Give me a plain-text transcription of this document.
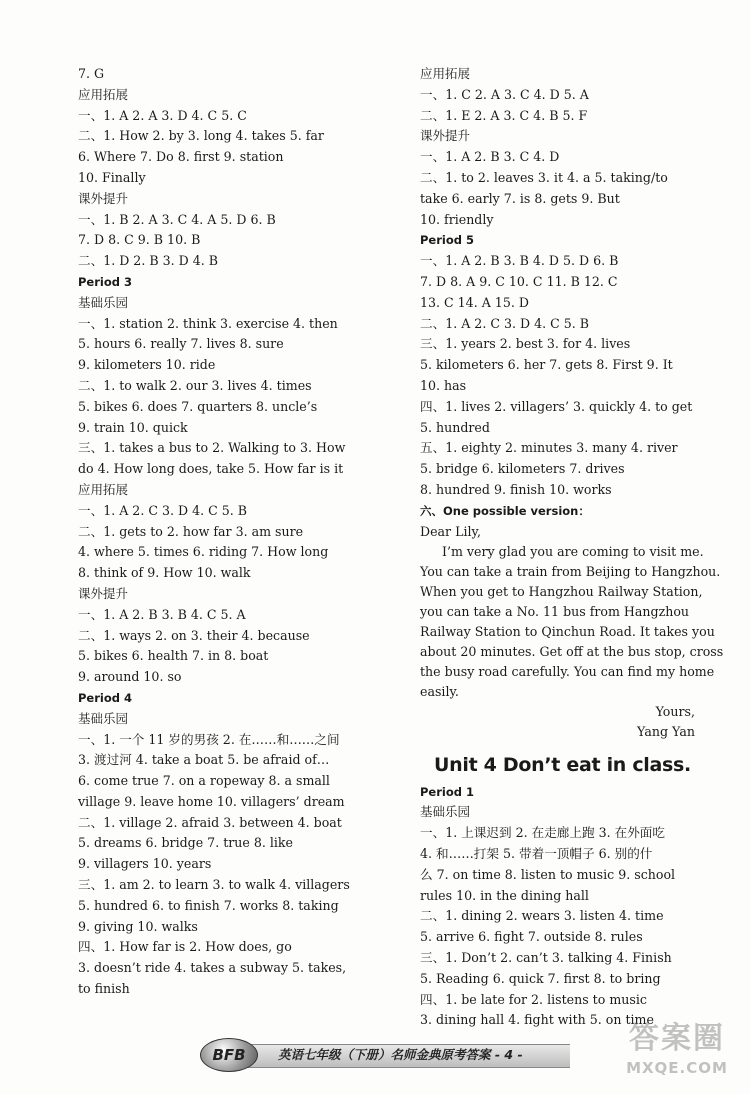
7. G
应用拓展
一、1. A 2. A 3. D 4. C 5. C
二、1. How 2. by 3. long 4. takes 5. far
6. Where 7. Do 8. first 9. station
10. Finally
课外提升
一、1. B 2. A 3. C 4. A 5. D 6. B
7. D 8. C 9. B 10. B
二、1. D 2. B 3. D 4. B
Period 3
基础乐园
一、1. station 2. think 3. exercise 4. then
5. hours 6. really 7. lives 8. sure
9. kilometers 10. ride
二、1. to walk 2. our 3. lives 4. times
5. bikes 6. does 7. quarters 8. uncle’s
9. train 10. quick
三、1. takes a bus to 2. Walking to 3. How
do 4. How long does, take 5. How far is it
应用拓展
一、1. A 2. C 3. D 4. C 5. B
二、1. gets to 2. how far 3. am sure
4. where 5. times 6. riding 7. How long
8. think of 9. How 10. walk
课外提升
一、1. A 2. B 3. B 4. C 5. A
二、1. ways 2. on 3. their 4. because
5. bikes 6. health 7. in 8. boat
9. around 10. so
Period 4
基础乐园
一、1. 一个 11 岁的男孩 2. 在……和……之间
3. 渡过河 4. take a boat 5. be afraid of…
6. come true 7. on a ropeway 8. a small
village 9. leave home 10. villagers’ dream
二、1. village 2. afraid 3. between 4. boat
5. dreams 6. bridge 7. true 8. like
9. villagers 10. years
三、1. am 2. to learn 3. to walk 4. villagers
5. hundred 6. to finish 7. works 8. taking
9. giving 10. walks
四、1. How far is 2. How does, go
3. doesn’t ride 4. takes a subway 5. takes,
to finish
应用拓展
一、1. C 2. A 3. C 4. D 5. A
二、1. E 2. A 3. C 4. B 5. F
课外提升
一、1. A 2. B 3. C 4. D
二、1. to 2. leaves 3. it 4. a 5. taking/to
take 6. early 7. is 8. gets 9. But
10. friendly
Period 5
一、1. A 2. B 3. B 4. D 5. D 6. B
7. D 8. A 9. C 10. C 11. B 12. C
13. C 14. A 15. D
二、1. A 2. C 3. D 4. C 5. B
三、1. years 2. best 3. for 4. lives
5. kilometers 6. her 7. gets 8. First 9. It
10. has
四、1. lives 2. villagers’ 3. quickly 4. to get
5. hundred
五、1. eighty 2. minutes 3. many 4. river
5. bridge 6. kilometers 7. drives
8. hundred 9. finish 10. works
六、One possible version：
Dear Lily,
I’m very glad you are coming to visit me.
You can take a train from Beijing to Hangzhou.
When you get to Hangzhou Railway Station,
you can take a No. 11 bus from Hangzhou
Railway Station to Qinchun Road. It takes you
about 20 minutes. Get off at the bus stop, cross
the busy road carefully. You can find my home
easily.
Yours,
Yang Yan
Unit 4 Don’t eat in class.
Period 1
基础乐园
一、1. 上课迟到 2. 在走廊上跑 3. 在外面吃
4. 和……打架 5. 带着一顶帽子 6. 别的什
么 7. on time 8. listen to music 9. school
rules 10. in the dining hall
二、1. dining 2. wears 3. listen 4. time
5. arrive 6. fight 7. outside 8. rules
三、1. Don’t 2. can’t 3. talking 4. Finish
5. Reading 6. quick 7. first 8. to bring
四、1. be late for 2. listens to music
3. dining hall 4. fight with 5. on time
BFB	英语七年级（下册）名师金典原考答案 - 4 -	答案圈
MXQE.COM
